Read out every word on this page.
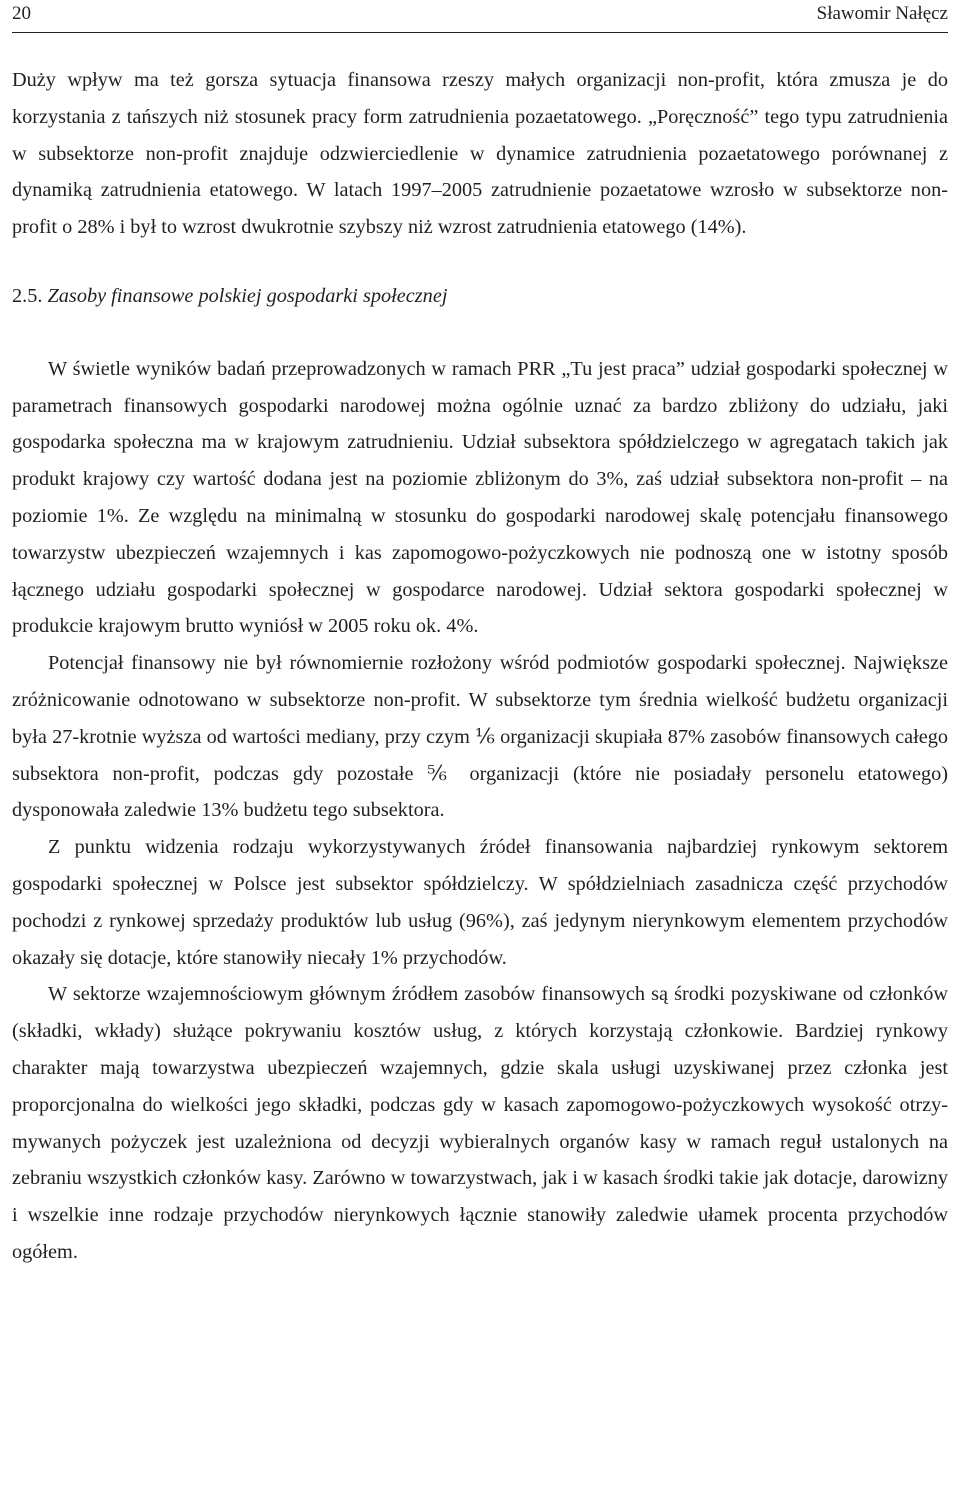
20	Sławomir Nałęcz

Duży wpływ ma też gorsza sytuacja finansowa rzeszy małych organizacji non-profit, która zmusza je do korzystania z tańszych niż stosunek pracy form zatrudnienia pozaetatowego. „Poręczność” tego typu zatrudnienia w subsektorze non-profit znajduje odzwierciedlenie w dynamice zatrudnienia pozaetatowego porównanej z dynamiką zatrudnienia etatowego. W latach 1997–2005 zatrudnienie pozaetatowe wzrosło w subsektorze non-profit o 28% i był to wzrost dwukrotnie szybszy niż wzrost zatrudnienia etatowego (14%).

2.5. Zasoby finansowe polskiej gospodarki społecznej

W świetle wyników badań przeprowadzonych w ramach PRR „Tu jest praca” udział gospodarki społecznej w parametrach finansowych gospodarki narodowej można ogólnie uznać za bardzo zbliżony do udziału, jaki gospodarka społeczna ma w krajowym zatrudnieniu. Udział subsektora spółdzielczego w agregatach takich jak produkt krajowy czy wartość dodana jest na poziomie zbliżonym do 3%, zaś udział subsektora non-profit – na poziomie 1%. Ze względu na minimalną w stosunku do gospodarki narodowej skalę potencjału finansowego towarzystw ubezpieczeń wzajemnych i kas zapomogowo-pożyczkowych nie podnoszą one w istotny sposób łącznego udziału gospodarki społecznej w gospodarce narodowej. Udział sektora gospodarki społecznej w produkcie krajowym brutto wyniósł w 2005 roku ok. 4%.

Potencjał finansowy nie był równomiernie rozłożony wśród podmiotów gospodarki społecznej. Największe zróżnicowanie odnotowano w subsektorze non-profit. W subsektorze tym średnia wielkość budżetu organizacji była 27-krotnie wyższa od wartości mediany, przy czym ⅙ organizacji skupiała 87% zasobów finansowych całego subsektora non-profit, podczas gdy pozostałe ⅚ organizacji (które nie posiadały personelu etatowego) dysponowała zaledwie 13% budżetu tego subsektora.

Z punktu widzenia rodzaju wykorzystywanych źródeł finansowania najbardziej rynkowym sektorem gospodarki społecznej w Polsce jest subsektor spółdzielczy. W spółdzielniach zasadnicza część przychodów pochodzi z rynkowej sprzedaży produktów lub usług (96%), zaś jedynym nierynkowym elementem przychodów okazały się dotacje, które stanowiły niecały 1% przychodów.

W sektorze wzajemnościowym głównym źródłem zasobów finansowych są środki pozyskiwane od członków (składki, wkłady) służące pokrywaniu kosztów usług, z których korzystają członkowie. Bardziej rynkowy charakter mają towarzystwa ubezpieczeń wzajemnych, gdzie skala usługi uzyskiwanej przez członka jest proporcjonalna do wielkości jego składki, podczas gdy w kasach zapomogowo-pożyczkowych wysokość otrzymywanych pożyczek jest uzależniona od decyzji wybieralnych organów kasy w ramach reguł ustalonych na zebraniu wszystkich członków kasy. Zarówno w towarzystwach, jak i w kasach środki takie jak dotacje, darowizny i wszelkie inne rodzaje przychodów nierynkowych łącznie stanowiły zaledwie ułamek procenta przychodów ogółem.
